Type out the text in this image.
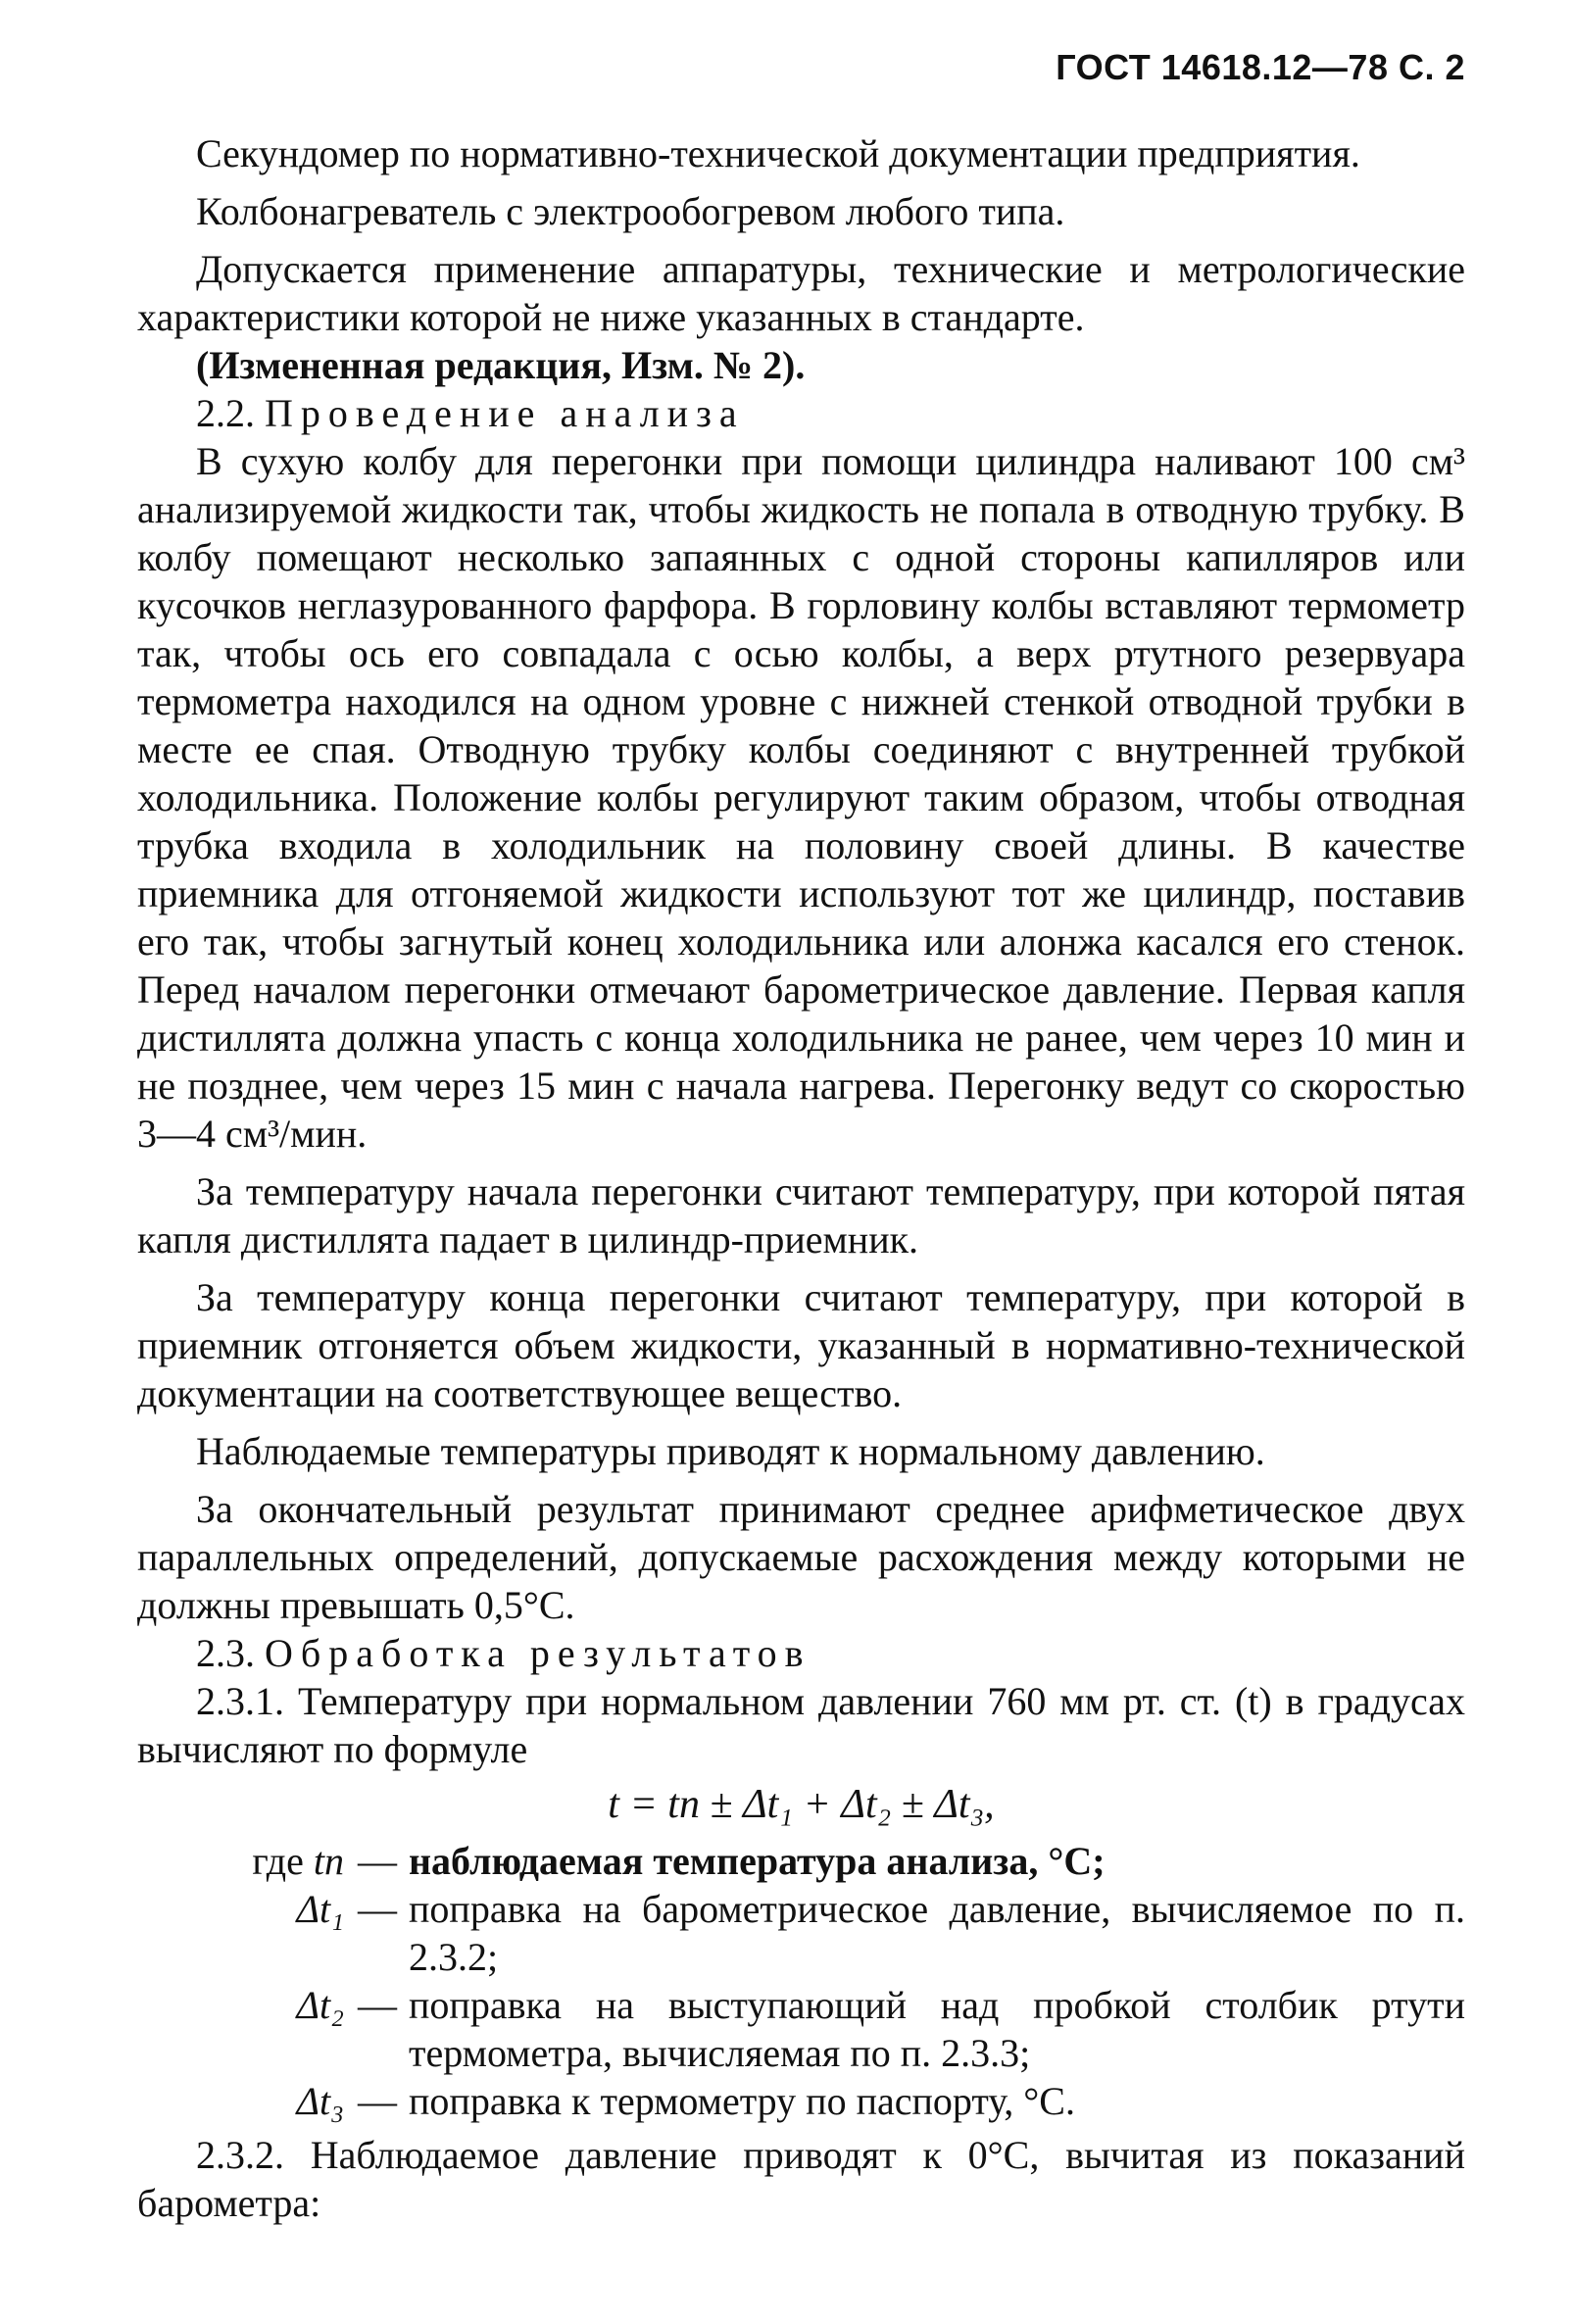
ГОСТ 14618.12—78 С. 2

Секундомер по нормативно-технической документации предприятия.

Колбонагреватель с электрообогревом любого типа.

Допускается применение аппаратуры, технические и метрологические характеристики которой не ниже указанных в стандарте.

(Измененная редакция, Изм. № 2).

2.2. Проведение анализа

В сухую колбу для перегонки при помощи цилиндра наливают 100 см³ анализируемой жидкости так, чтобы жидкость не попала в отводную трубку. В колбу помещают несколько запаянных с одной стороны капилляров или кусочков неглазурованного фарфора. В горловину колбы вставляют термометр так, чтобы ось его совпадала с осью колбы, а верх ртутного резервуара термометра находился на одном уровне с нижней стенкой отводной трубки в месте ее спая. Отводную трубку колбы соединяют с внутренней трубкой холодильника. Положение колбы регулируют таким образом, чтобы отводная трубка входила в холодильник на половину своей длины. В качестве приемника для отгоняемой жидкости используют тот же цилиндр, поставив его так, чтобы загнутый конец холодильника или алонжа касался его стенок. Перед началом перегонки отмечают барометрическое давление. Первая капля дистиллята должна упасть с конца холодильника не ранее, чем через 10 мин и не позднее, чем через 15 мин с начала нагрева. Перегонку ведут со скоростью 3—4 см³/мин.

За температуру начала перегонки считают температуру, при которой пятая капля дистиллята падает в цилиндр-приемник.

За температуру конца перегонки считают температуру, при которой в приемник отгоняется объем жидкости, указанный в нормативно-технической документации на соответствующее вещество.

Наблюдаемые температуры приводят к нормальному давлению.

За окончательный результат принимают среднее арифметическое двух параллельных определений, допускаемые расхождения между которыми не должны превышать 0,5°С.

2.3. Обработка результатов

2.3.1. Температуру при нормальном давлении 760 мм рт. ст. (t) в градусах вычисляют по формуле

t = tп ± Δt₁ + Δt₂ ± Δt₃,
где tп — наблюдаемая температура анализа, °С;
Δt₁ — поправка на барометрическое давление, вычисляемое по п. 2.3.2;
Δt₂ — поправка на выступающий над пробкой столбик ртути термометра, вычисляемая по п. 2.3.3;
Δt₃ — поправка к термометру по паспорту, °С.

2.3.2. Наблюдаемое давление приводят к 0°С, вычитая из показаний барометра:
